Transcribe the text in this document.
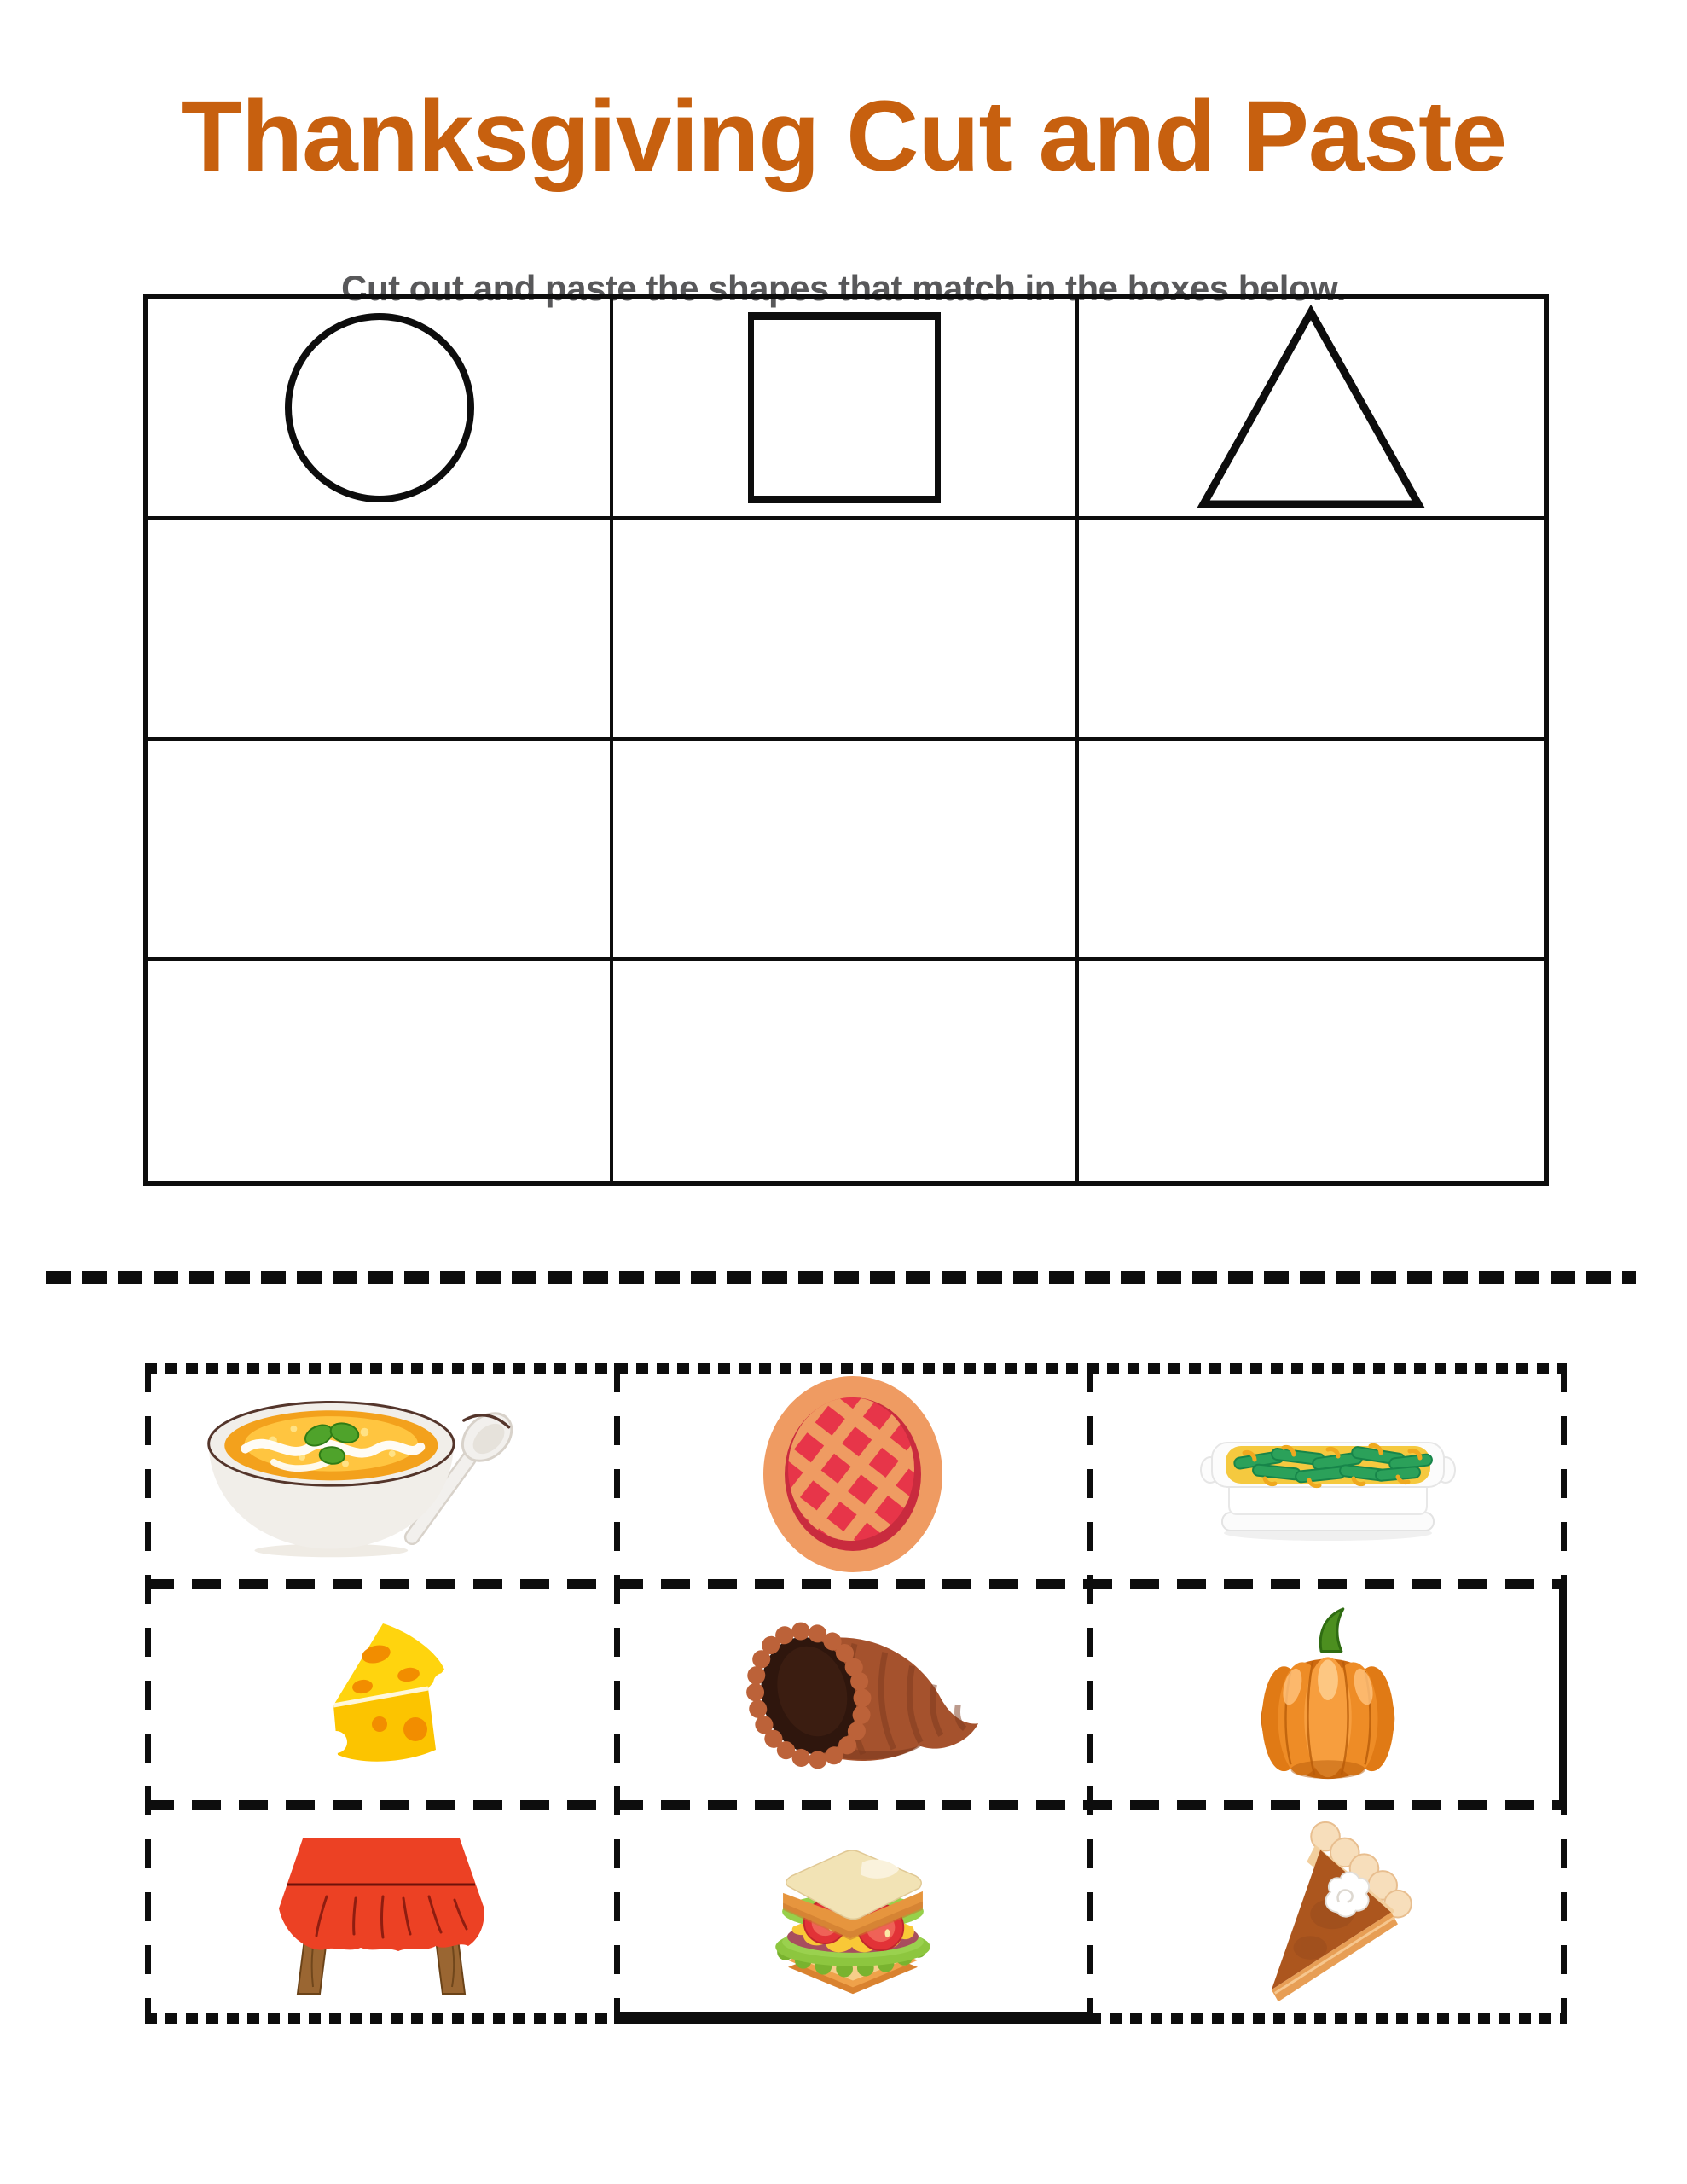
Thanksgiving Cut and Paste
Cut out and paste the shapes that match in the boxes below.
